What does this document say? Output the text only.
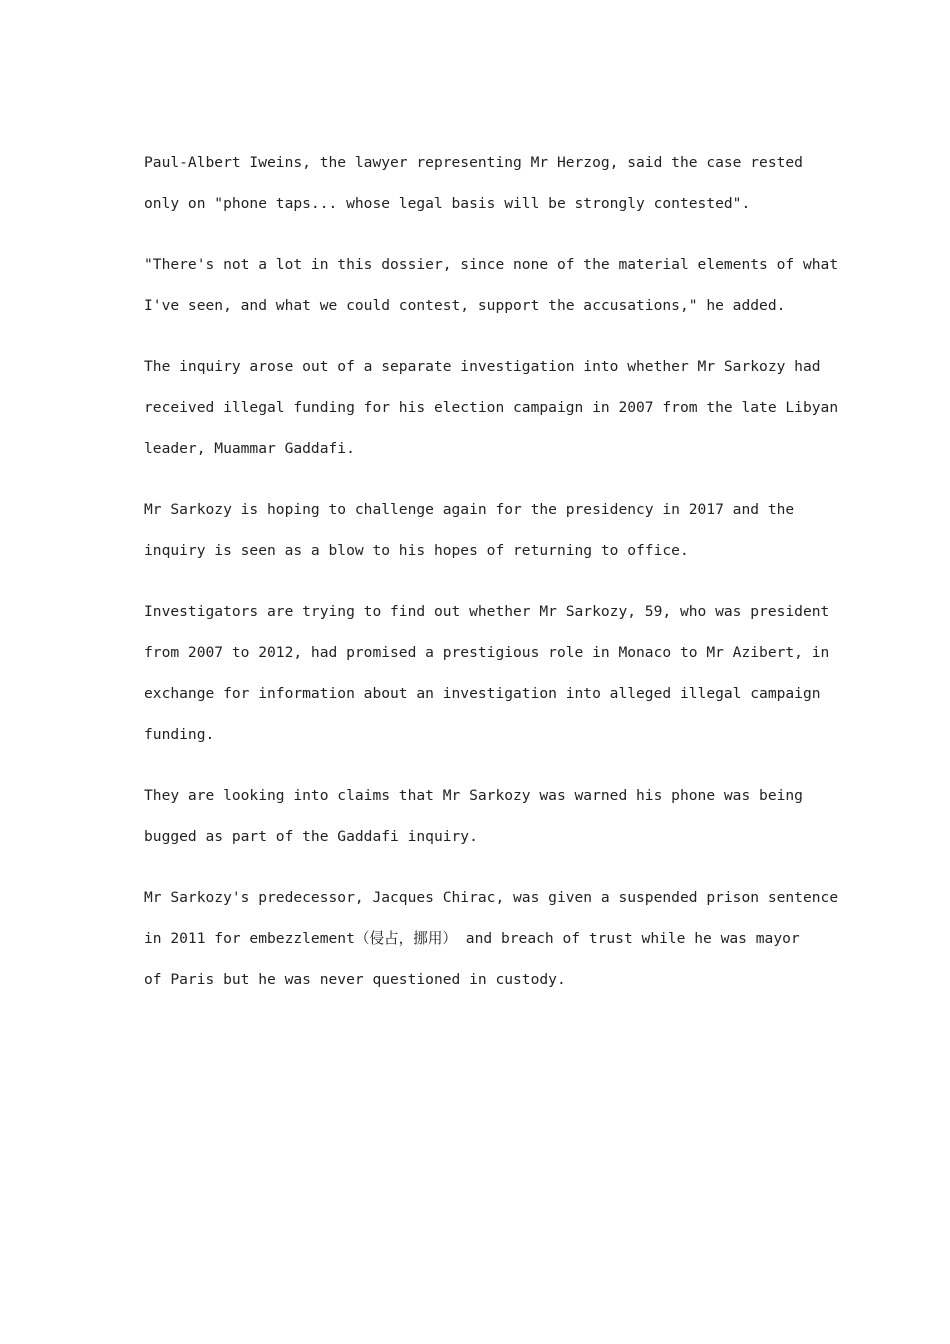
Paul-Albert Iweins, the lawyer representing Mr Herzog, said the case rested
only on "phone taps... whose legal basis will be strongly contested".

"There's not a lot in this dossier, since none of the material elements of what
I've seen, and what we could contest, support the accusations," he added.

The inquiry arose out of a separate investigation into whether Mr Sarkozy had
received illegal funding for his election campaign in 2007 from the late Libyan
leader, Muammar Gaddafi.

Mr Sarkozy is hoping to challenge again for the presidency in 2017 and the
inquiry is seen as a blow to his hopes of returning to office.

Investigators are trying to find out whether Mr Sarkozy, 59, who was president
from 2007 to 2012, had promised a prestigious role in Monaco to Mr Azibert, in
exchange for information about an investigation into alleged illegal campaign
funding.

They are looking into claims that Mr Sarkozy was warned his phone was being
bugged as part of the Gaddafi inquiry.

Mr Sarkozy's predecessor, Jacques Chirac, was given a suspended prison sentence
in 2011 for embezzlement（侵占，挪用） and breach of trust while he was mayor
of Paris but he was never questioned in custody.
